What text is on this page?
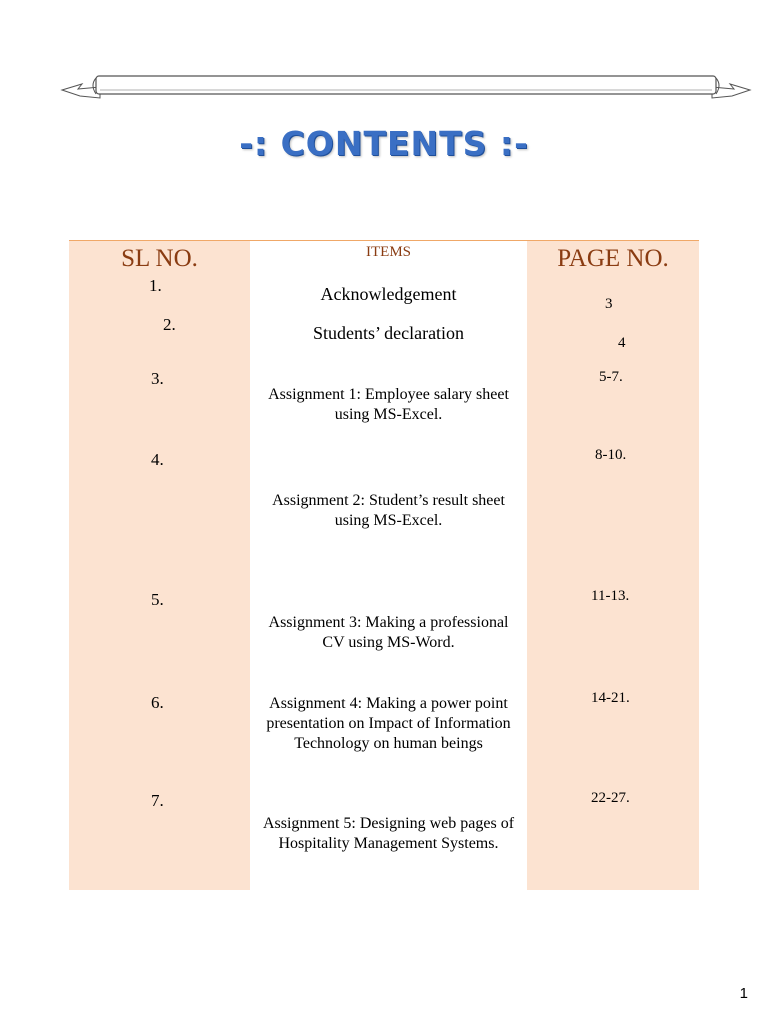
-: CONTENTS :-
SL NO.
1.
2.
3.
4.
5.
6.
7.
ITEMS
Acknowledgement
Students’ declaration
Assignment 1: Employee salary sheet using MS-Excel.
Assignment 2: Student’s result sheet using MS-Excel.
Assignment 3: Making a professional CV using MS-Word.
Assignment 4: Making a power point presentation on Impact of Information Technology on human beings
Assignment 5: Designing web pages of Hospitality Management Systems.
PAGE NO.
3
4
5-7.
8-10.
11-13.
14-21.
22-27.
1
